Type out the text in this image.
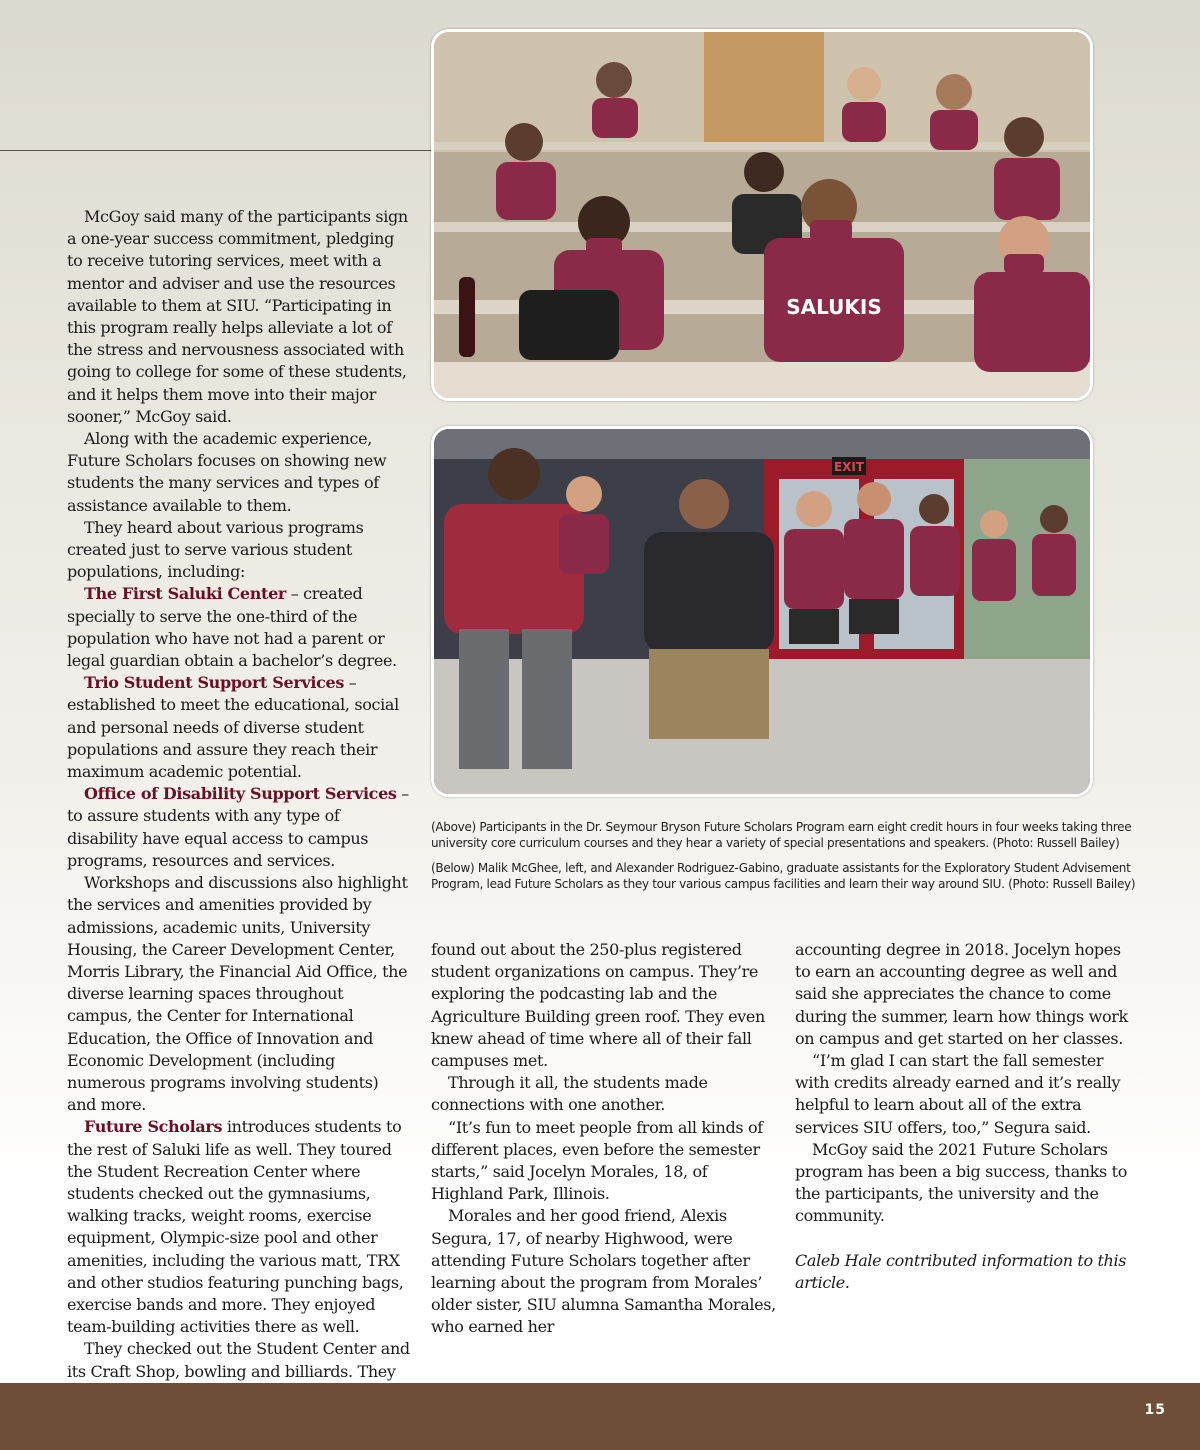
McGoy said many of the participants sign a one-year success commitment, pledging to receive tutoring services, meet with a mentor and adviser and use the resources available to them at SIU. “Participating in this program really helps alleviate a lot of the stress and nervousness associated with going to college for some of these students, and it helps them move into their major sooner,” McGoy said.

Along with the academic experience, Future Scholars focuses on showing new students the many services and types of assistance available to them.

They heard about various programs created just to serve various student populations, including:

The First Saluki Center – created specially to serve the one-third of the population who have not had a parent or legal guardian obtain a bachelor’s degree.

Trio Student Support Services – established to meet the educational, social and personal needs of diverse student populations and assure they reach their maximum academic potential.

Office of Disability Support Services – to assure students with any type of disability have equal access to campus programs, resources and services.

Workshops and discussions also highlight the services and amenities provided by admissions, academic units, University Housing, the Career Development Center, Morris Library, the Financial Aid Office, the diverse learning spaces throughout campus, the Center for International Education, the Office of Innovation and Economic Development (including numerous programs involving students) and more.

Future Scholars introduces students to the rest of Saluki life as well. They toured the Student Recreation Center where students checked out the gymnasiums, walking tracks, weight rooms, exercise equipment, Olympic-size pool and other amenities, including the various matt, TRX and other studios featuring punching bags, exercise bands and more. They enjoyed team-building activities there as well.

They checked out the Student Center and its Craft Shop, bowling and billiards. They

SALUKIS
EXIT

(Above) Participants in the Dr. Seymour Bryson Future Scholars Program earn eight credit hours in four weeks taking three university core curriculum courses and they hear a variety of special presentations and speakers. (Photo: Russell Bailey)

(Below) Malik McGhee, left, and Alexander Rodriguez-Gabino, graduate assistants for the Exploratory Student Advisement Program, lead Future Scholars as they tour various campus facilities and learn their way around SIU. (Photo: Russell Bailey)

found out about the 250-plus registered student organizations on campus. They’re exploring the podcasting lab and the Agriculture Building green roof. They even knew ahead of time where all of their fall campuses met.

Through it all, the students made connections with one another.

“It’s fun to meet people from all kinds of different places, even before the semester starts,” said Jocelyn Morales, 18, of Highland Park, Illinois.

Morales and her good friend, Alexis Segura, 17, of nearby Highwood, were attending Future Scholars together after learning about the program from Morales’ older sister, SIU alumna Samantha Morales, who earned her

accounting degree in 2018. Jocelyn hopes to earn an accounting degree as well and said she appreciates the chance to come during the summer, learn how things work on campus and get started on her classes.

“I’m glad I can start the fall semester with credits already earned and it’s really helpful to learn about all of the extra services SIU offers, too,” Segura said.

McGoy said the 2021 Future Scholars program has been a big success, thanks to the participants, the university and the community.

Caleb Hale contributed information to this article.

15
